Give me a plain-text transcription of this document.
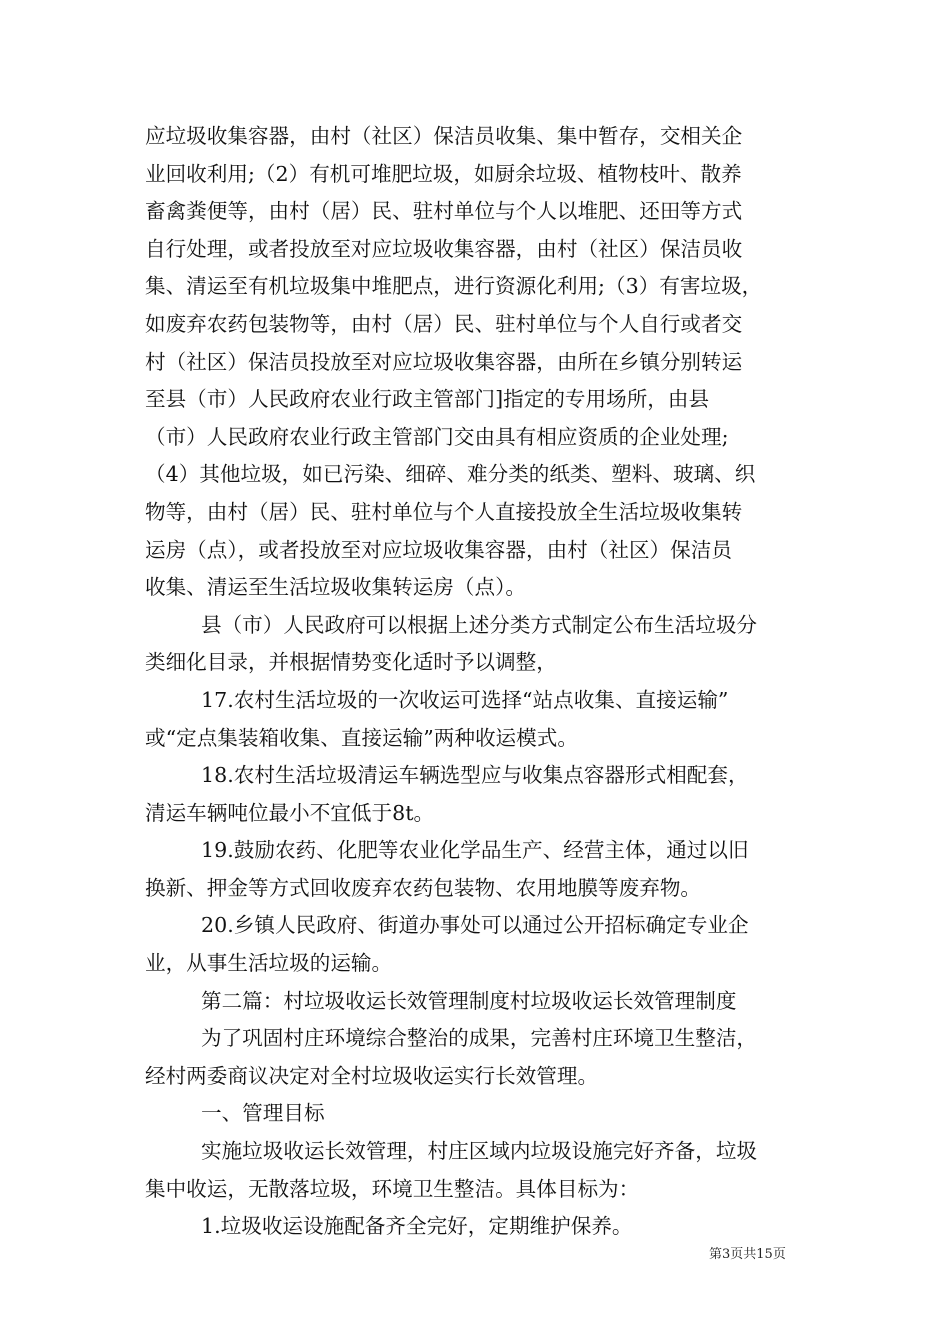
应垃圾收集容器，由村（社区）保洁员收集、集中暂存，交相关企
业回收利用;（2）有机可堆肥垃圾，如厨余垃圾、植物枝叶、散养
畜禽粪便等，由村（居）民、驻村单位与个人以堆肥、还田等方式
自行处理，或者投放至对应垃圾收集容器，由村（社区）保洁员收
集、清运至有机垃圾集中堆肥点，进行资源化利用;（3）有害垃圾，
如废弃农药包装物等，由村（居）民、驻村单位与个人自行或者交
村（社区）保洁员投放至对应垃圾收集容器，由所在乡镇分别转运
至县（市）人民政府农业行政主管部门]指定的专用场所，由县
（市）人民政府农业行政主管部门交由具有相应资质的企业处理;
（4）其他垃圾，如已污染、细碎、难分类的纸类、塑料、玻璃、织
物等，由村（居）民、驻村单位与个人直接投放全生活垃圾收集转
运房（点），或者投放至对应垃圾收集容器，由村（社区）保洁员
收集、清运至生活垃圾收集转运房（点）。
县（市）人民政府可以根据上述分类方式制定公布生活垃圾分
类细化目录，并根据情势变化适时予以调整，
17.农村生活垃圾的一次收运可选择“站点收集、直接运输”
或“定点集装箱收集、直接运输”两种收运模式。
18.农村生活垃圾清运车辆选型应与收集点容器形式相配套，
清运车辆吨位最小不宜低于8t。
19.鼓励农药、化肥等农业化学品生产、经营主体，通过以旧
换新、押金等方式回收废弃农药包装物、农用地膜等废弃物。
20.乡镇人民政府、街道办事处可以通过公开招标确定专业企
业，从事生活垃圾的运输。
第二篇：村垃圾收运长效管理制度村垃圾收运长效管理制度
为了巩固村庄环境综合整治的成果，完善村庄环境卫生整洁，
经村两委商议决定对全村垃圾收运实行长效管理。
一、管理目标
实施垃圾收运长效管理，村庄区域内垃圾设施完好齐备，垃圾
集中收运，无散落垃圾，环境卫生整洁。具体目标为：
1.垃圾收运设施配备齐全完好，定期维护保养。
第3页共15页
